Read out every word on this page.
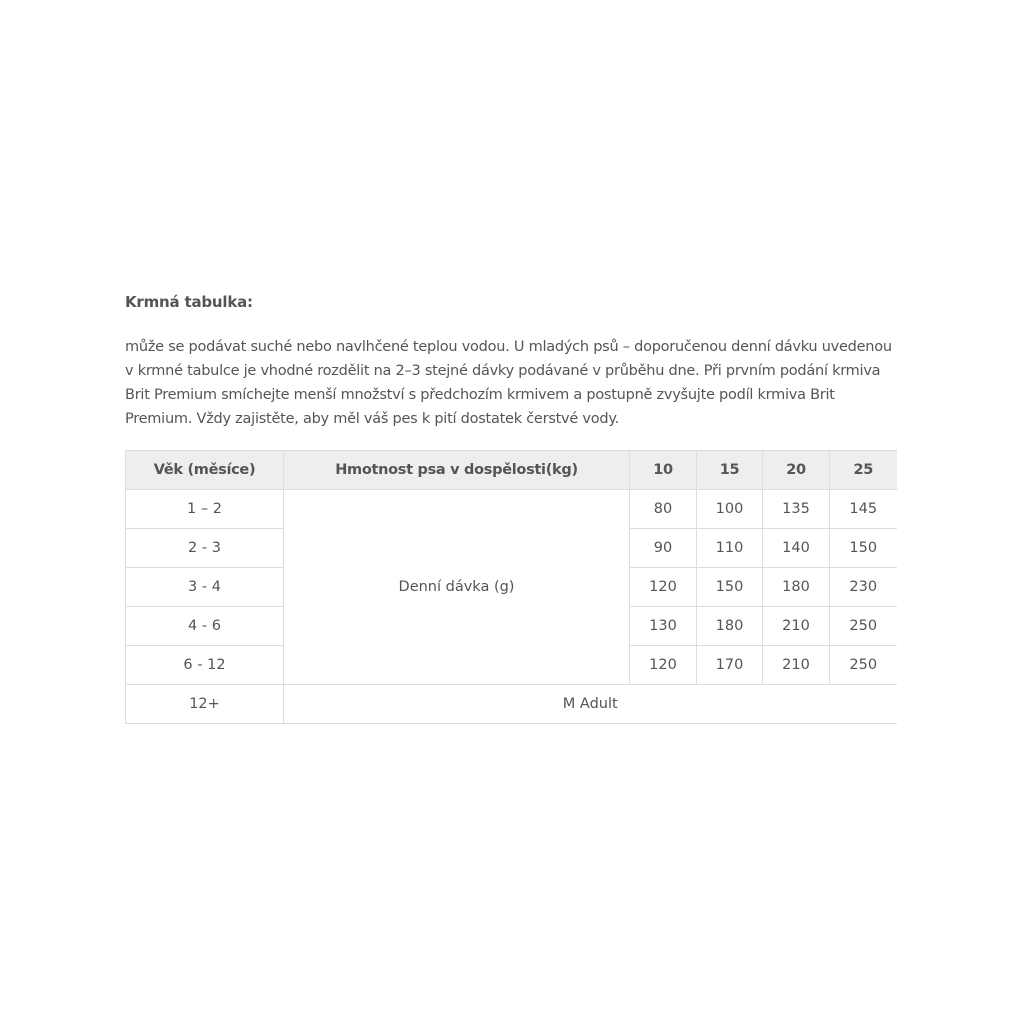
Krmná tabulka:

může se podávat suché nebo navlhčené teplou vodou. U mladých psů – doporučenou denní dávku uvedenou v krmné tabulce je vhodné rozdělit na 2–3 stejné dávky podávané v průběhu dne. Při prvním podání krmiva Brit Premium smíchejte menší množství s předchozím krmivem a postupně zvyšujte podíl krmiva Brit Premium. Vždy zajistěte, aby měl váš pes k pití dostatek čerstvé vody.

Věk (měsíce)	Hmotnost psa v dospělosti(kg)	10	15	20	25
1 – 2	Denní dávka (g)	80	100	135	145
2 - 3		90	110	140	150
3 - 4		120	150	180	230
4 - 6		130	180	210	250
6 - 12		120	170	210	250
12+	M Adult				
